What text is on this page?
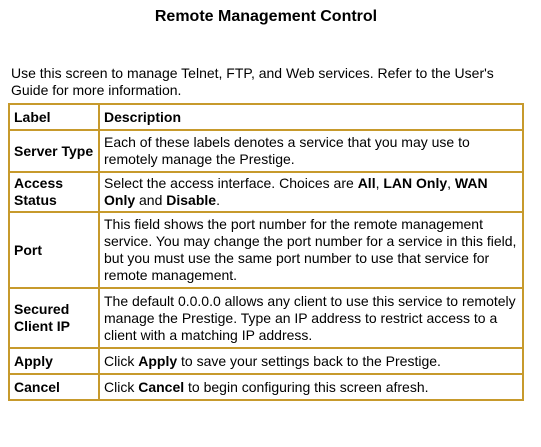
Remote Management Control
Use this screen to manage Telnet, FTP, and Web services. Refer to the User's Guide for more information.
Label	Description
Server Type	Each of these labels denotes a service that you may use to remotely manage the Prestige.
Access Status	Select the access interface. Choices are All, LAN Only, WAN Only and Disable.
Port	This field shows the port number for the remote management service. You may change the port number for a service in this field, but you must use the same port number to use that service for remote management.
Secured Client IP	The default 0.0.0.0 allows any client to use this service to remotely manage the Prestige. Type an IP address to restrict access to a client with a matching IP address.
Apply	Click Apply to save your settings back to the Prestige.
Cancel	Click Cancel to begin configuring this screen afresh.
